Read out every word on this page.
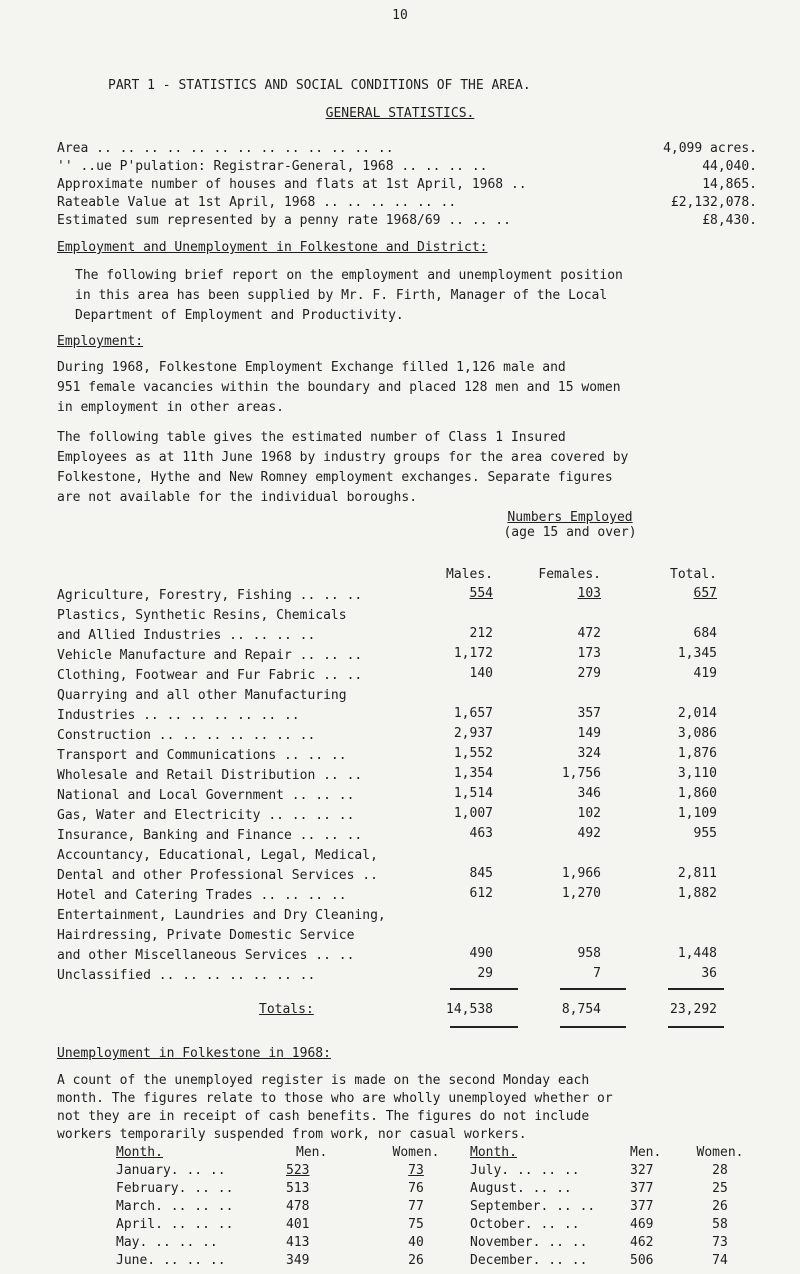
10
PART 1 - STATISTICS AND SOCIAL CONDITIONS OF THE AREA.
GENERAL STATISTICS.
Area .. .. .. .. .. .. .. .. .. .. .. .. ..	4,099 acres.
'' ..ue P'pulation: Registrar-General, 1968 .. .. .. ..	44,040.
Approximate number of houses and flats at 1st April, 1968 ..	14,865.
Rateable Value at 1st April, 1968 .. .. .. .. .. ..	£2,132,078.
Estimated sum represented by a penny rate 1968/69 .. .. ..	£8,430.
Employment and Unemployment in Folkestone and District:
The following brief report on the employment and unemployment position
in this area has been supplied by Mr. F. Firth, Manager of the Local
Department of Employment and Productivity.
Employment:
During 1968, Folkestone Employment Exchange filled 1,126 male and
951 female vacancies within the boundary and placed 128 men and 15 women
in employment in other areas.
The following table gives the estimated number of Class 1 Insured
Employees as at 11th June 1968 by industry groups for the area covered by
Folkestone, Hythe and New Romney employment exchanges. Separate figures
are not available for the individual boroughs.
Numbers Employed
(age 15 and over)
Males.	Females.	Total.
Agriculture, Forestry, Fishing .. .. ..	554	103	657
Plastics, Synthetic Resins, Chemicals
and Allied Industries .. .. .. ..	212	472	684
Vehicle Manufacture and Repair .. .. ..	1,172	173	1,345
Clothing, Footwear and Fur Fabric .. ..	140	279	419
Quarrying and all other Manufacturing
Industries .. .. .. .. .. .. ..	1,657	357	2,014
Construction .. .. .. .. .. .. ..	2,937	149	3,086
Transport and Communications .. .. ..	1,552	324	1,876
Wholesale and Retail Distribution .. ..	1,354	1,756	3,110
National and Local Government .. .. ..	1,514	346	1,860
Gas, Water and Electricity .. .. .. ..	1,007	102	1,109
Insurance, Banking and Finance .. .. ..	463	492	955
Accountancy, Educational, Legal, Medical,
Dental and other Professional Services ..	845	1,966	2,811
Hotel and Catering Trades .. .. .. ..	612	1,270	1,882
Entertainment, Laundries and Dry Cleaning,
Hairdressing, Private Domestic Service
and other Miscellaneous Services .. ..	490	958	1,448
Unclassified .. .. .. .. .. .. ..	29	7	36
Totals:	14,538	8,754	23,292
Unemployment in Folkestone in 1968:
A count of the unemployed register is made on the second Monday each
month. The figures relate to those who are wholly unemployed whether or
not they are in receipt of cash benefits. The figures do not include
workers temporarily suspended from work, nor casual workers.
Month.	Men.	Women.
January. .. ..	523	73
February. .. ..	513	76
March. .. .. ..	478	77
April. .. .. ..	401	75
May. .. .. ..	413	40
June. .. .. ..	349	26
Month.	Men.	Women.
July. .. .. ..	327	28
August. .. ..	377	25
September. .. ..	377	26
October. .. ..	469	58
November. .. ..	462	73
December. .. ..	506	74
